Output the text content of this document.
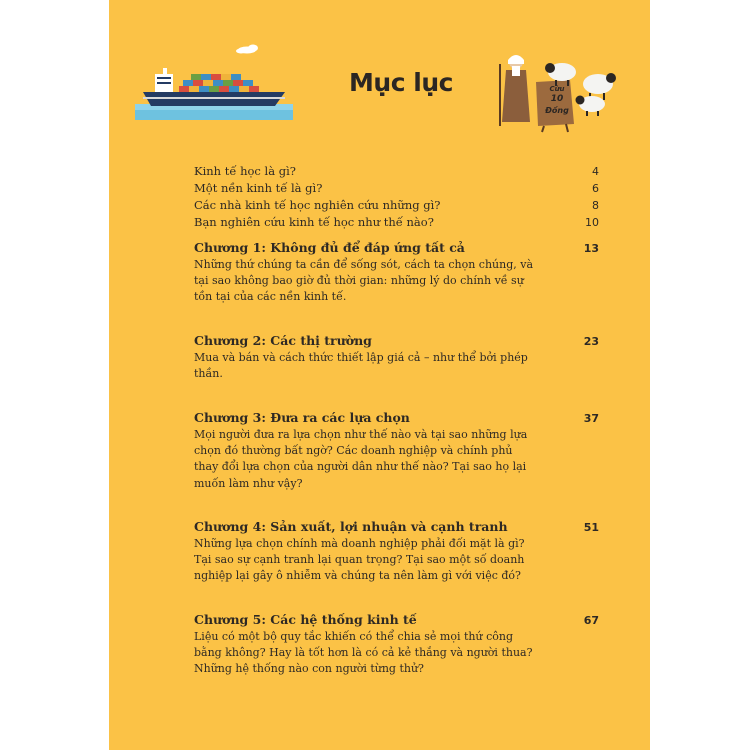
Mục lục	Cừu
10
Đồng
Kinh tế học là gì?	4
Một nền kinh tế là gì?	6
Các nhà kinh tế học nghiên cứu những gì?	8
Bạn nghiên cứu kinh tế học như thế nào?	10
Chương 1: Không đủ để đáp ứng tất cả	13
Những thứ chúng ta cần để sống sót, cách ta chọn chúng, và tại sao không bao giờ đủ thời gian: những lý do chính về sự tồn tại của các nền kinh tế.
Chương 2: Các thị trường	23
Mua và bán và cách thức thiết lập giá cả – như thể bởi phép thần.
Chương 3: Đưa ra các lựa chọn	37
Mọi người đưa ra lựa chọn như thế nào và tại sao những lựa chọn đó thường bất ngờ? Các doanh nghiệp và chính phủ thay đổi lựa chọn của người dân như thế nào? Tại sao họ lại muốn làm như vậy?
Chương 4: Sản xuất, lợi nhuận và cạnh tranh	51
Những lựa chọn chính mà doanh nghiệp phải đối mặt là gì? Tại sao sự cạnh tranh lại quan trọng? Tại sao một số doanh nghiệp lại gây ô nhiễm và chúng ta nên làm gì với việc đó?
Chương 5: Các hệ thống kinh tế	67
Liệu có một bộ quy tắc khiến có thể chia sẻ mọi thứ công bằng không? Hay là tốt hơn là có cả kẻ thắng và người thua? Những hệ thống nào con người từng thử?
